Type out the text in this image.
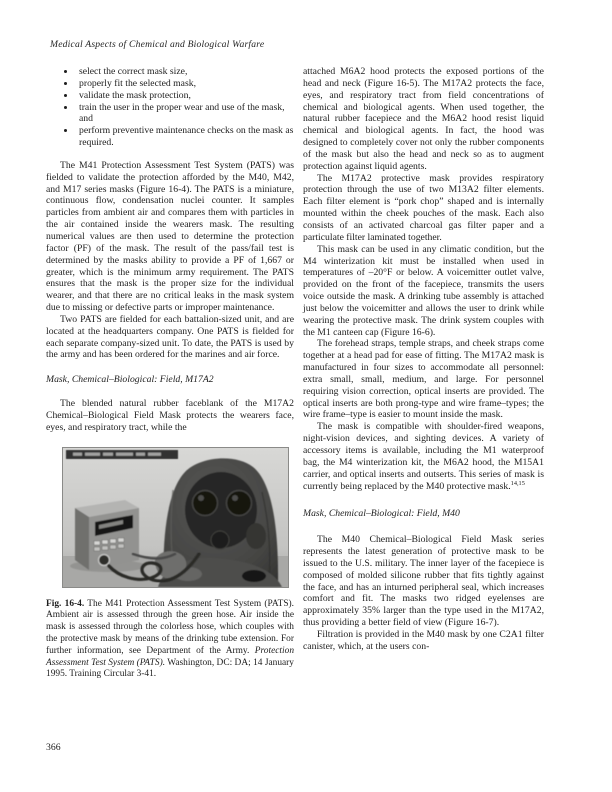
Medical Aspects of Chemical and Biological Warfare
• select the correct mask size,
• properly fit the selected mask,
• validate the mask protection,
• train the user in the proper wear and use of the mask, and
• perform preventive maintenance checks on the mask as required.

The M41 Protection Assessment Test System (PATS) was fielded to validate the protection afforded by the M40, M42, and M17 series masks (Figure 16-4). The PATS is a miniature, continuous flow, condensation nuclei counter. It samples particles from ambient air and compares them with particles in the air contained inside the wearers mask. The resulting numerical values are then used to determine the protection factor (PF) of the mask. The result of the pass/fail test is determined by the masks ability to provide a PF of 1,667 or greater, which is the minimum army requirement. The PATS ensures that the mask is the proper size for the individual wearer, and that there are no critical leaks in the mask system due to missing or defective parts or improper maintenance.

Two PATS are fielded for each battalion-sized unit, and are located at the headquarters company. One PATS is fielded for each separate company-sized unit. To date, the PATS is used by the army and has been ordered for the marines and air force.

Mask, Chemical–Biological: Field, M17A2

The blended natural rubber faceblank of the M17A2 Chemical–Biological Field Mask protects the wearers face, eyes, and respiratory tract, while the

Fig. 16-4. The M41 Protection Assessment Test System (PATS). Ambient air is assessed through the green hose. Air inside the mask is assessed through the colorless hose, which couples with the protective mask by means of the drinking tube extension. For further information, see Department of the Army. Protection Assessment Test System (PATS). Washington, DC: DA; 14 January 1995. Training Circular 3-41.

attached M6A2 hood protects the exposed portions of the head and neck (Figure 16-5). The M17A2 protects the face, eyes, and respiratory tract from field concentrations of chemical and biological agents. When used together, the natural rubber facepiece and the M6A2 hood resist liquid chemical and biological agents. In fact, the hood was designed to completely cover not only the rubber components of the mask but also the head and neck so as to augment protection against liquid agents.

The M17A2 protective mask provides respiratory protection through the use of two M13A2 filter elements. Each filter element is “pork chop” shaped and is internally mounted within the cheek pouches of the mask. Each also consists of an activated charcoal gas filter paper and a particulate filter laminated together.

This mask can be used in any climatic condition, but the M4 winterization kit must be installed when used in temperatures of –20°F or below. A voicemitter outlet valve, provided on the front of the facepiece, transmits the users voice outside the mask. A drinking tube assembly is attached just below the voicemitter and allows the user to drink while wearing the protective mask. The drink system couples with the M1 canteen cap (Figure 16-6).

The forehead straps, temple straps, and cheek straps come together at a head pad for ease of fitting. The M17A2 mask is manufactured in four sizes to accommodate all personnel: extra small, small, medium, and large. For personnel requiring vision correction, optical inserts are provided. The optical inserts are both prong-type and wire frame–types; the wire frame–type is easier to mount inside the mask.

The mask is compatible with shoulder-fired weapons, night-vision devices, and sighting devices. A variety of accessory items is available, including the M1 waterproof bag, the M4 winterization kit, the M6A2 hood, the M15A1 carrier, and optical inserts and outserts. This series of mask is currently being replaced by the M40 protective mask.$^{14,15}$

Mask, Chemical–Biological: Field, M40

The M40 Chemical–Biological Field Mask series represents the latest generation of protective mask to be issued to the U.S. military. The inner layer of the facepiece is composed of molded silicone rubber that fits tightly against the face, and has an inturned peripheral seal, which increases comfort and fit. The masks two ridged eyelenses are approximately 35% larger than the type used in the M17A2, thus providing a better field of view (Figure 16-7).

Filtration is provided in the M40 mask by one C2A1 filter canister, which, at the users con-

366
